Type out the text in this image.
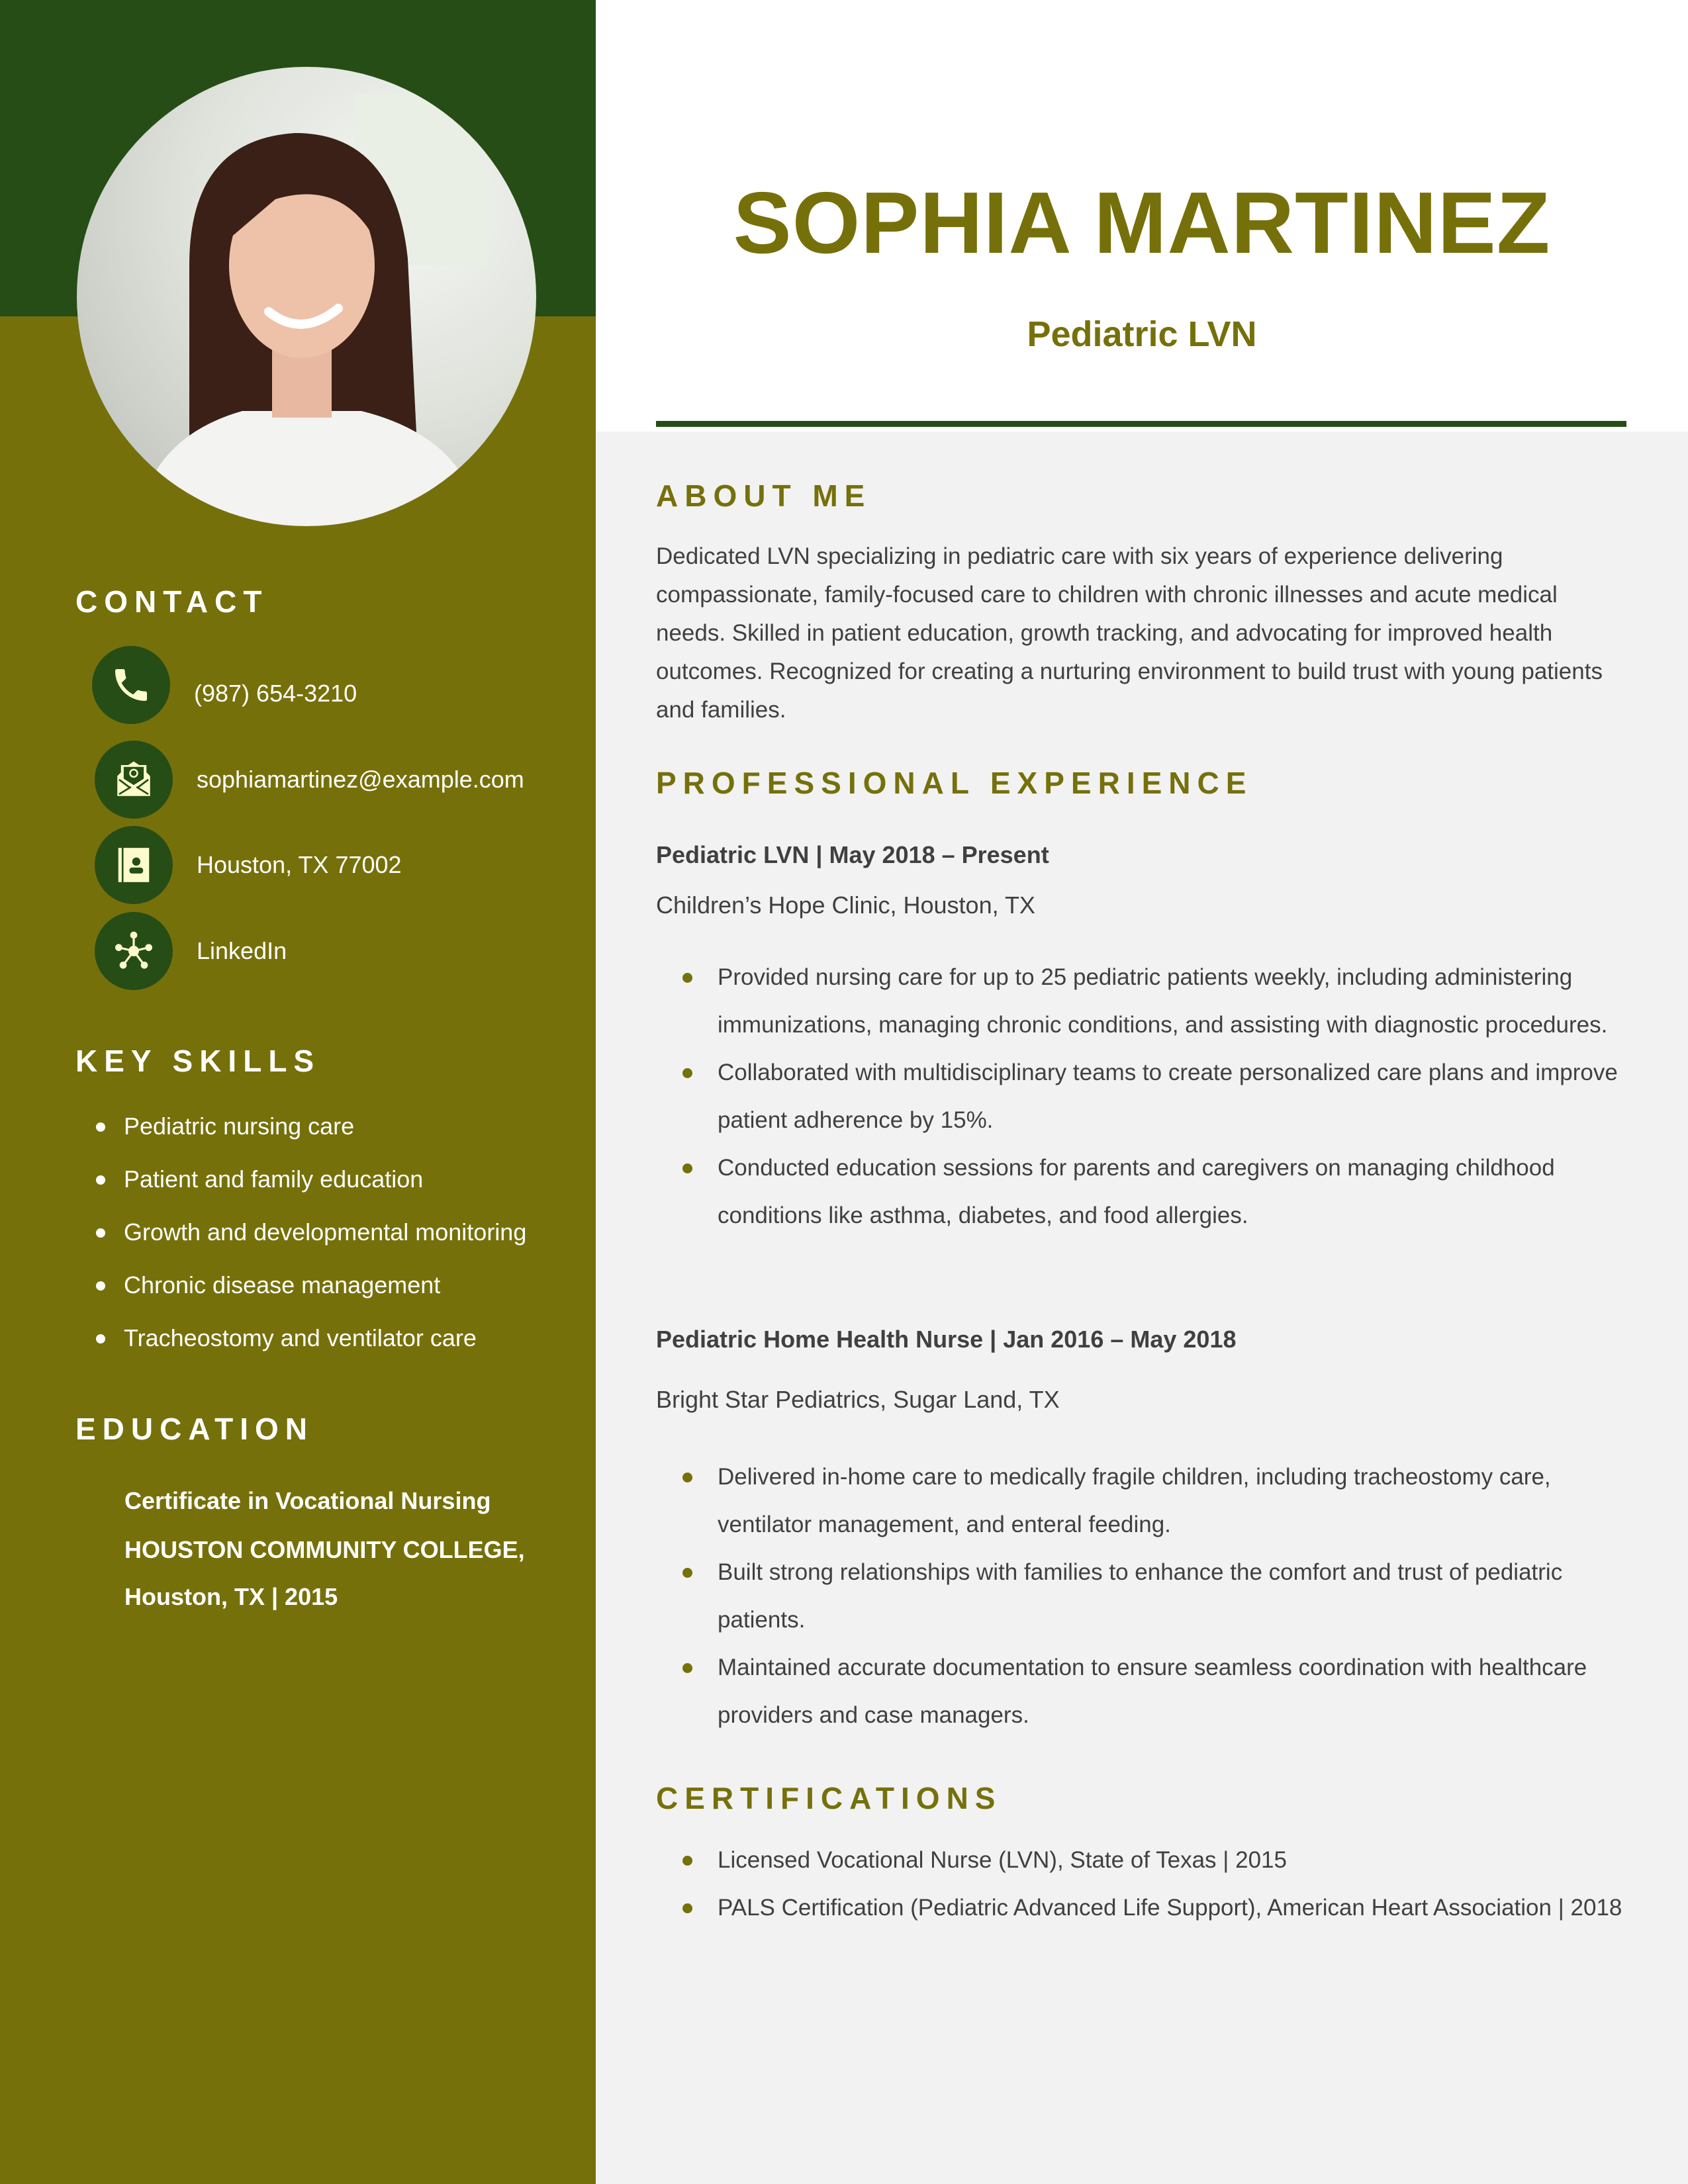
SOPHIA MARTINEZ
Pediatric LVN
CONTACT
(987) 654-3210
sophiamartinez@example.com
Houston, TX 77002
LinkedIn
KEY SKILLS
Pediatric nursing care
Patient and family education
Growth and developmental monitoring
Chronic disease management
Tracheostomy and ventilator care
EDUCATION
Certificate in Vocational Nursing
HOUSTON COMMUNITY COLLEGE,
Houston, TX | 2015
ABOUT ME
Dedicated LVN specializing in pediatric care with six years of experience delivering compassionate, family-focused care to children with chronic illnesses and acute medical needs. Skilled in patient education, growth tracking, and advocating for improved health outcomes. Recognized for creating a nurturing environment to build trust with young patients and families.
PROFESSIONAL EXPERIENCE
Pediatric LVN | May 2018 – Present
Children’s Hope Clinic, Houston, TX
Provided nursing care for up to 25 pediatric patients weekly, including administering immunizations, managing chronic conditions, and assisting with diagnostic procedures.
Collaborated with multidisciplinary teams to create personalized care plans and improve patient adherence by 15%.
Conducted education sessions for parents and caregivers on managing childhood conditions like asthma, diabetes, and food allergies.
Pediatric Home Health Nurse | Jan 2016 – May 2018
Bright Star Pediatrics, Sugar Land, TX
Delivered in-home care to medically fragile children, including tracheostomy care, ventilator management, and enteral feeding.
Built strong relationships with families to enhance the comfort and trust of pediatric patients.
Maintained accurate documentation to ensure seamless coordination with healthcare providers and case managers.
CERTIFICATIONS
Licensed Vocational Nurse (LVN), State of Texas | 2015
PALS Certification (Pediatric Advanced Life Support), American Heart Association | 2018
